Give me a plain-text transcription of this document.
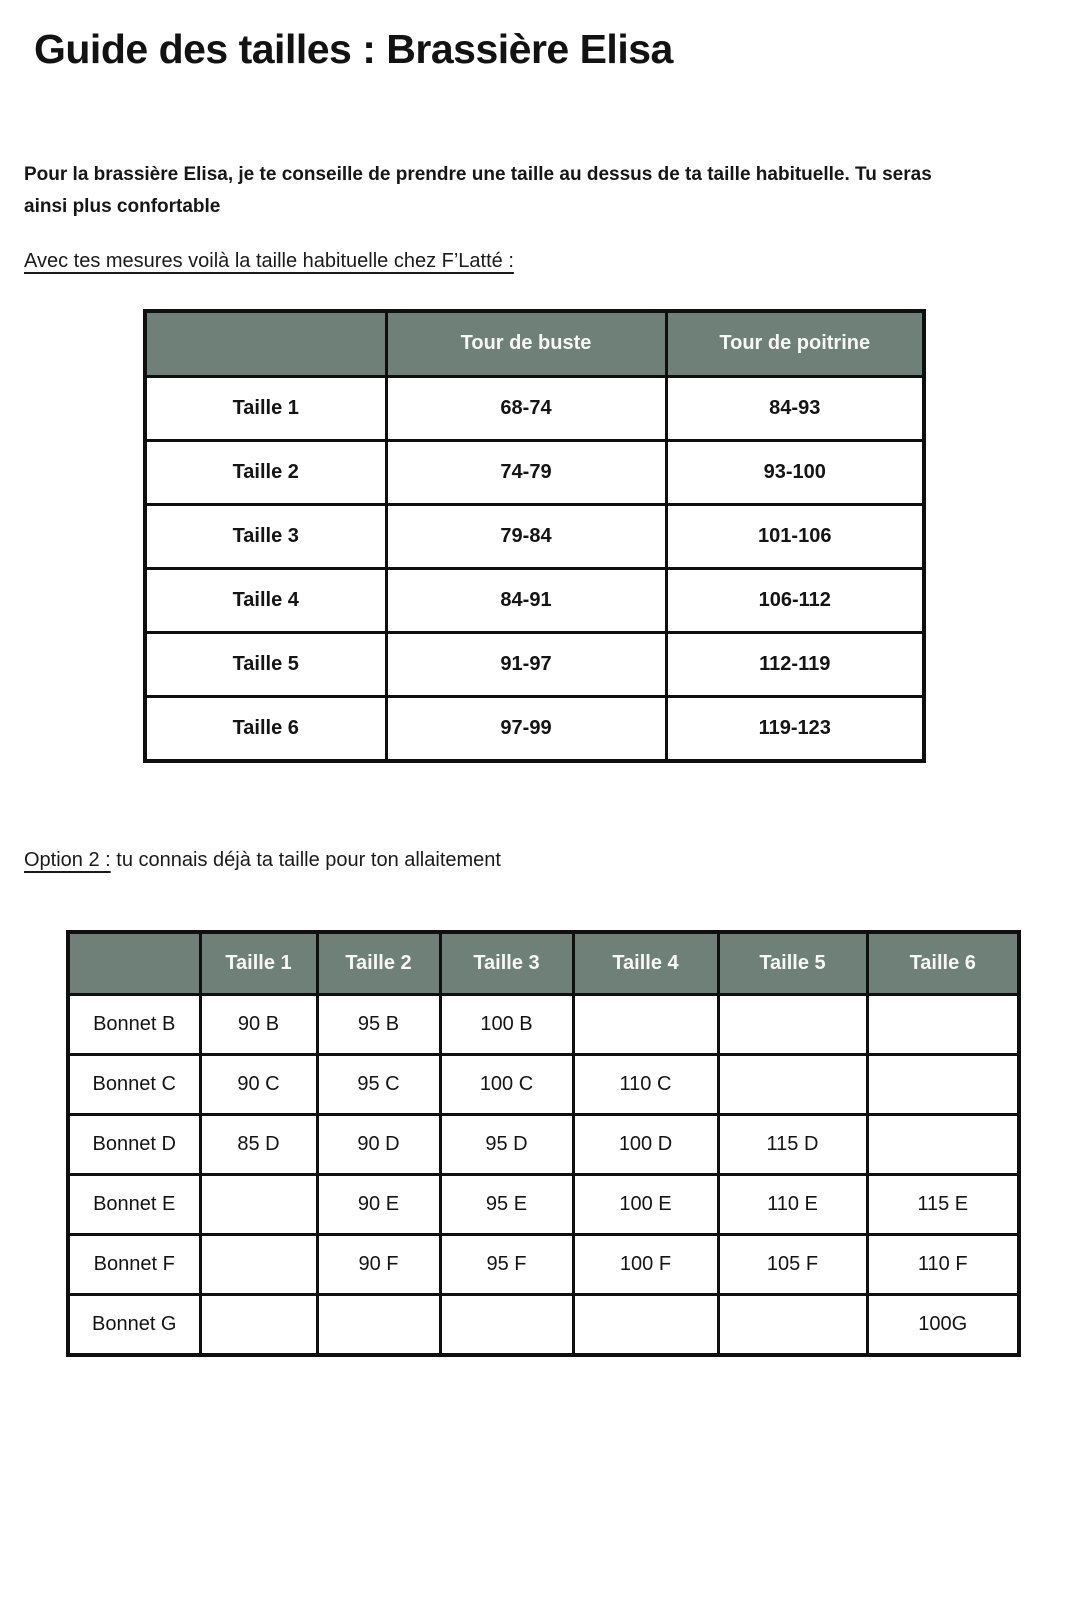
Guide des tailles : Brassière Elisa

Pour la brassière Elisa, je te conseille de prendre une taille au dessus de ta taille habituelle. Tu seras ainsi plus confortable

Avec tes mesures voilà la taille habituelle chez F’Latté :

	Tour de buste	Tour de poitrine
Taille 1	68-74	84-93
Taille 2	74-79	93-100
Taille 3	79-84	101-106
Taille 4	84-91	106-112
Taille 5	91-97	112-119
Taille 6	97-99	119-123

Option 2 : tu connais déjà ta taille pour ton allaitement

	Taille 1	Taille 2	Taille 3	Taille 4	Taille 5	Taille 6
Bonnet B	90 B	95 B	100 B			
Bonnet C	90 C	95 C	100 C	110 C		
Bonnet D	85 D	90 D	95 D	100 D	115 D	
Bonnet E		90 E	95 E	100 E	110 E	115 E
Bonnet F		90 F	95 F	100 F	105 F	110 F
Bonnet G						100G
